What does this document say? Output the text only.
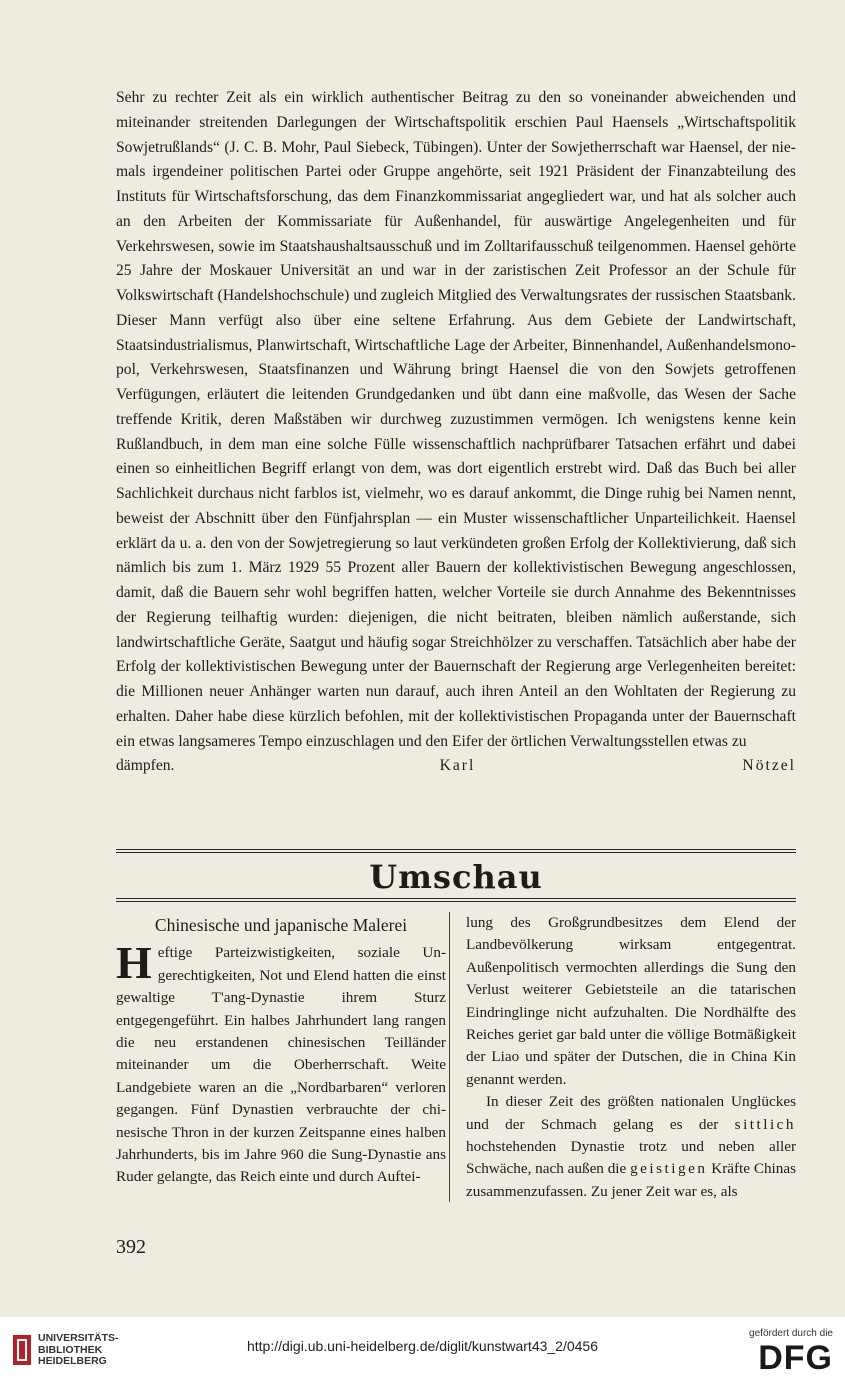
Sehr zu rechter Zeit als ein wirklich authentischer Beitrag zu den so voneinander abweichenden und miteinander streitenden Darlegungen der Wirtschaftspolitik erschien Paul Haensels „Wirtschaftspolitik Sowjetrußlands“ (J. C. B. Mohr, Paul Siebeck, Tübingen). Unter der Sowjetherrschaft war Haensel, der niemals irgendeiner politischen Partei oder Gruppe angehörte, seit 1921 Präsident der Finanzabteilung des Instituts für Wirtschaftsforschung, das dem Finanzkommissariat angegliedert war, und hat als solcher auch an den Arbeiten der Kommissariate für Außenhandel, für auswärtige Angelegenheiten und für Verkehrswesen, sowie im Staatshaushaltsausschuß und im Zolltarifausschuß teilgenommen. Haensel gehörte 25 Jahre der Moskauer Universität an und war in der zaristischen Zeit Professor an der Schule für Volkswirtschaft (Handelshochschule) und zugleich Mitglied des Verwaltungsrates der russischen Staatsbank. Dieser Mann verfügt also über eine seltene Erfahrung. Aus dem Gebiete der Landwirtschaft, Staatsindustrialismus, Planwirtschaft, Wirtschaftliche Lage der Arbeiter, Binnenhandel, Außenhandelsmonopol, Verkehrswesen, Staatsfinanzen und Währung bringt Haensel die von den Sowjets getroffenen Verfügungen, erläutert die leitenden Grundgedanken und übt dann eine maßvolle, das Wesen der Sache treffende Kritik, deren Maßstäben wir durchweg zuzustimmen vermögen. Ich wenigstens kenne kein Rußlandbuch, in dem man eine solche Fülle wissenschaftlich nachprüfbarer Tatsachen erfährt und dabei einen so einheitlichen Begriff erlangt von dem, was dort eigentlich erstrebt wird. Daß das Buch bei aller Sachlichkeit durchaus nicht farblos ist, vielmehr, wo es darauf ankommt, die Dinge ruhig bei Namen nennt, beweist der Abschnitt über den Fünfjahrsplan — ein Muster wissenschaftlicher Unparteilichkeit. Haensel erklärt da u. a. den von der Sowjetregierung so laut verkündeten großen Erfolg der Kollektivierung, daß sich nämlich bis zum 1. März 1929 55 Prozent aller Bauern der kollektivistischen Bewegung angeschlossen, damit, daß die Bauern sehr wohl begriffen hatten, welcher Vorteile sie durch Annahme des Bekenntnisses der Regierung teilhaftig wurden: diejenigen, die nicht beitraten, bleiben nämlich außerstande, sich landwirtschaftliche Geräte, Saatgut und häufig sogar Streichhölzer zu verschaffen. Tatsächlich aber habe der Erfolg der kollektivistischen Bewegung unter der Bauernschaft der Regierung arge Verlegenheiten bereitet: die Millionen neuer Anhänger warten nun darauf, auch ihren Anteil an den Wohltaten der Regierung zu erhalten. Daher habe diese kürzlich befohlen, mit der kollektivistischen Propaganda unter der Bauernschaft ein etwas langsameres Tempo einzuschlagen und den Eifer der örtlichen Verwaltungsstellen etwas zu

dämpfen.	Karl Nötzel

Umschau

Chinesische und japanische Malerei

Heftige Parteizwistigkeiten, soziale Ungerechtigkeiten, Not und Elend hatten die einst gewaltige T'ang-Dynastie ihrem Sturz entgegengeführt. Ein halbes Jahrhundert lang rangen die neu erstandenen chinesischen Teilländer miteinander um die Oberherrschaft. Weite Landgebiete waren an die „Nordbarbaren“ verloren gegangen. Fünf Dynastien verbrauchte der chinesische Thron in der kurzen Zeitspanne eines halben Jahrhunderts, bis im Jahre 960 die Sung-Dynastie ans Ruder gelangte, das Reich einte und durch Auftei-

lung des Großgrundbesitzes dem Elend der Landbevölkerung wirksam entgegentrat. Außenpolitisch vermochten allerdings die Sung den Verlust weiterer Gebietsteile an die tatarischen Eindringlinge nicht aufzuhalten. Die Nordhälfte des Reiches geriet gar bald unter die völlige Botmäßigkeit der Liao und später der Dutschen, die in China Kin genannt werden.

In dieser Zeit des größten nationalen Unglückes und der Schmach gelang es der sittlich hochstehenden Dynastie trotz und neben aller Schwäche, nach außen die geistigen Kräfte Chinas zusammenzufassen. Zu jener Zeit war es, als

392
UNIVERSITÄTS-
BIBLIOTHEK
HEIDELBERG
http://digi.ub.uni-heidelberg.de/diglit/kunstwart43_2/0456
gefördert durch die
DFG
